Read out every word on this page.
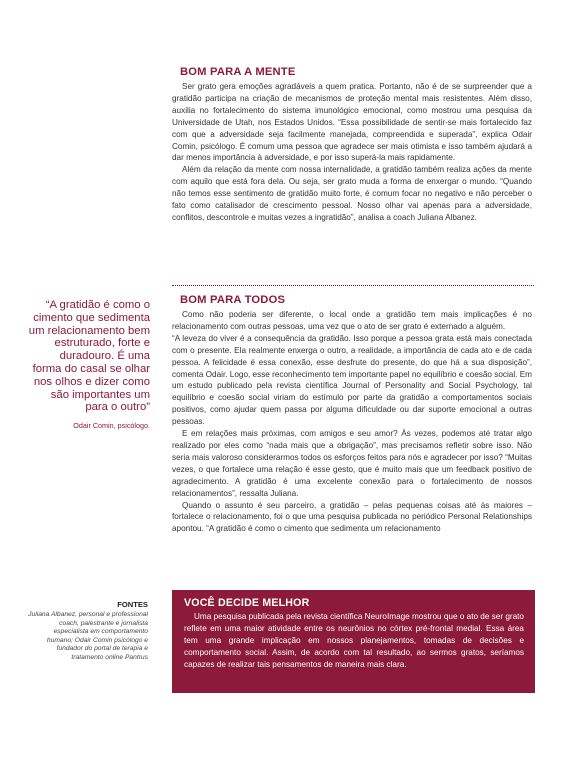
BOM PARA A MENTE

Ser grato gera emoções agradáveis a quem pratica. Portanto, não é de se surpreender que a gratidão participa na criação de mecanismos de proteção mental mais resistentes. Além disso, auxilia no fortalecimento do sistema imunológico emocional, como mostrou uma pesquisa da Universidade de Utah, nos Estados Unidos. “Essa possibilidade de sentir-se mais fortalecido faz com que a adversidade seja facilmente manejada, compreendida e superada”, explica Odair Comin, psicólogo. É comum uma pessoa que agradece ser mais otimista e isso também ajudará a dar menos importância à adversidade, e por isso superá-la mais rapidamente.

Além da relação da mente com nossa internalidade, a gratidão também realiza ações da mente com aquilo que está fora dela. Ou seja, ser grato muda a forma de enxergar o mundo. “Quando não temos esse sentimento de gratidão muito forte, é comum focar no negativo e não perceber o fato como catalisador de crescimento pessoal. Nosso olhar vai apenas para a adversidade, conflitos, descontrole e muitas vezes a ingratidão”, analisa a coach Juliana Albanez.

“A gratidão é como o cimento que sedimenta um relacionamento bem estruturado, forte e duradouro. É uma forma do casal se olhar nos olhos e dizer como são importantes um para o outro”
Odair Comin, psicólogo.
BOM PARA TODOS

Como não poderia ser diferente, o local onde a gratidão tem mais implicações é no relacionamento com outras pessoas, uma vez que o ato de ser grato é externado a alguém.

“A leveza do viver é a consequência da gratidão. Isso porque a pessoa grata está mais conectada com o presente. Ela realmente enxerga o outro, a realidade, a importância de cada ato e de cada pessoa. A felicidade é essa conexão, esse desfrute do presente, do que há a sua disposição”, comenta Odair. Logo, esse reconhecimento tem importante papel no equilíbrio e coesão social. Em um estudo publicado pela revista científica Journal of Personality and Social Psychology, tal equilíbrio e coesão social viriam do estímulo por parte da gratidão a comportamentos sociais positivos, como ajudar quem passa por alguma dificuldade ou dar suporte emocional a outras pessoas.

E em relações mais próximas, com amigos e seu amor? Às vezes, podemos até tratar algo realizado por eles como “nada mais que a obrigação”, mas precisamos refletir sobre isso. Não seria mais valoroso considerarmos todos os esforços feitos para nós e agradecer por isso? “Muitas vezes, o que fortalece uma relação é esse gesto, que é muito mais que um feedback positivo de agradecimento. A gratidão é uma excelente conexão para o fortalecimento de nossos relacionamentos”, ressalta Juliana.

Quando o assunto é seu parceiro, a gratidão – pelas pequenas coisas até às maiores – fortalece o relacionamento, foi o que uma pesquisa publicada no periódico Personal Relationships apontou. “A gratidão é como o cimento que sedimenta um relacionamento

FONTES
Juliana Albanez, personal e professional coach, palestrante e jornalista especialista em comportamento humano; Odair Comin psicólogo e fundador do portal de terapia e tratamento online Pantrus
VOCÊ DECIDE MELHOR

Uma pesquisa publicada pela revista científica NeuroImage mostrou que o ato de ser grato reflete em uma maior atividade entre os neurônios no córtex pré-frontal medial. Essa área tem uma grande implicação em nossos planejamentos, tomadas de decisões e comportamento social. Assim, de acordo com tal resultado, ao sermos gratos, seríamos capazes de realizar tais pensamentos de maneira mais clara.
